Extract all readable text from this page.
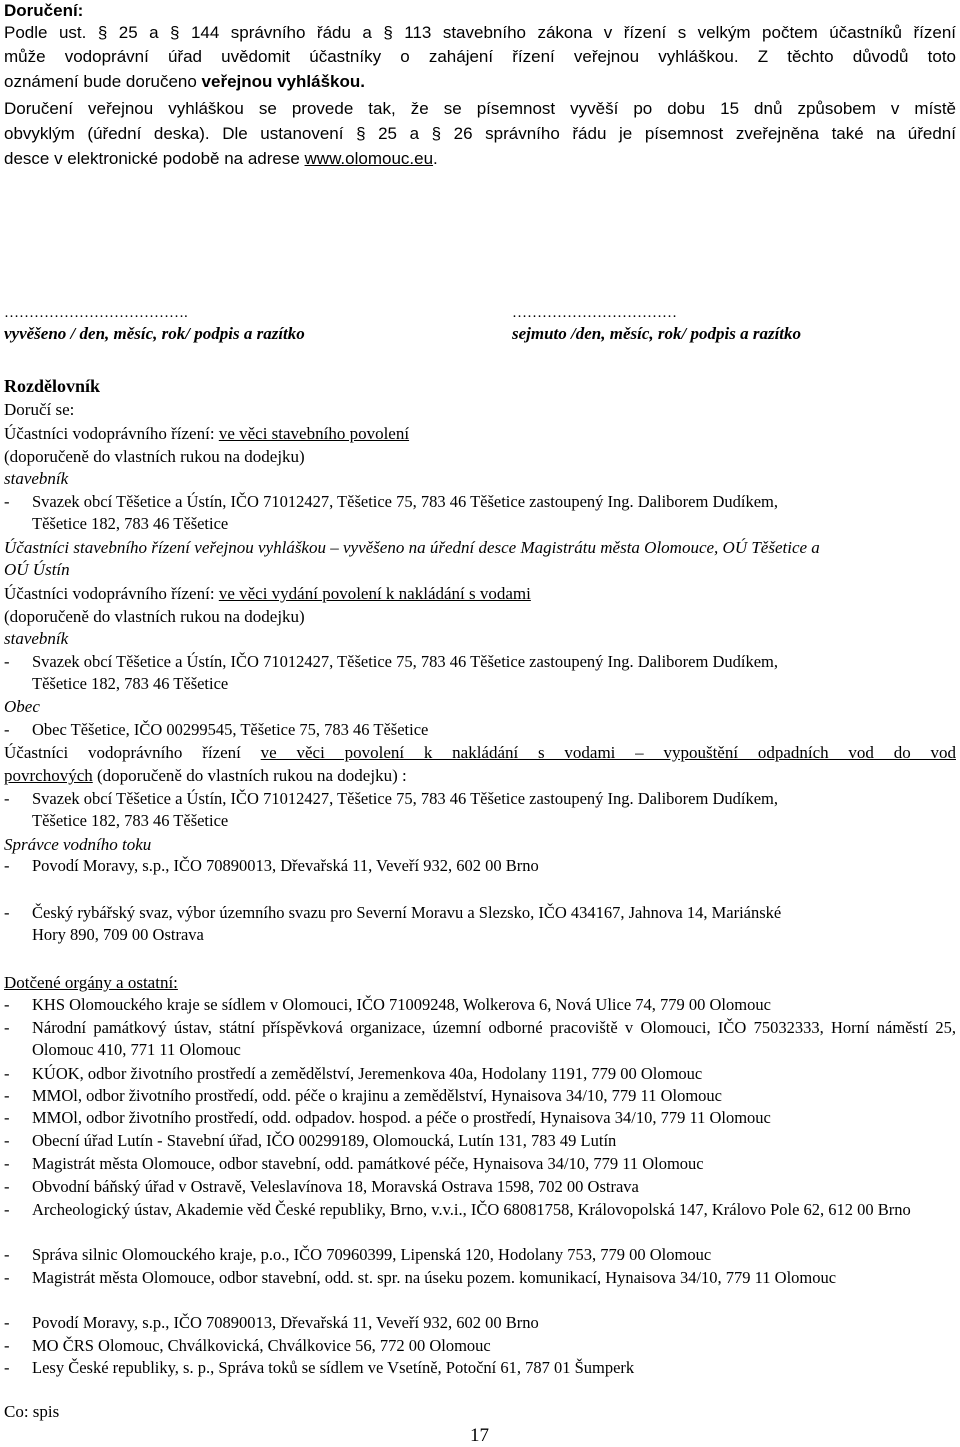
Doručení:
Podle ust. § 25 a § 144 správního řádu a § 113 stavebního zákona v řízení s velkým počtem účastníků řízení
může vodoprávní úřad uvědomit účastníky o zahájení řízení veřejnou vyhláškou. Z těchto důvodů toto
oznámení bude doručeno veřejnou vyhláškou.
Doručení veřejnou vyhláškou se provede tak, že se písemnost vyvěší po dobu 15 dnů způsobem v místě
obvyklým (úřední deska). Dle ustanovení § 25 a § 26 správního řádu je písemnost zveřejněna také na úřední
desce v elektronické podobě na adrese www.olomouc.eu.
……………………………….	……………………………
vyvěšeno / den, měsíc, rok/ podpis a razítko	sejmuto /den, měsíc, rok/ podpis a razítko
Rozdělovník
Doručí se:
Účastníci vodoprávního řízení: ve věci stavebního povolení
(doporučeně do vlastních rukou na dodejku)
stavebník
- Svazek obcí Těšetice a Ústín, IČO 71012427, Těšetice 75, 783 46 Těšetice zastoupený Ing. Daliborem Dudíkem,
Těšetice 182, 783 46 Těšetice
Účastníci stavebního řízení veřejnou vyhláškou – vyvěšeno na úřední desce Magistrátu města Olomouce, OÚ Těšetice a
OÚ Ústín
Účastníci vodoprávního řízení: ve věci vydání povolení k nakládání s vodami
(doporučeně do vlastních rukou na dodejku)
stavebník
- Svazek obcí Těšetice a Ústín, IČO 71012427, Těšetice 75, 783 46 Těšetice zastoupený Ing. Daliborem Dudíkem,
Těšetice 182, 783 46 Těšetice
Obec
- Obec Těšetice, IČO 00299545, Těšetice 75, 783 46 Těšetice
Účastníci vodoprávního řízení ve věci povolení k nakládání s vodami – vypouštění odpadních vod do vod
povrchových (doporučeně do vlastních rukou na dodejku) :
- Svazek obcí Těšetice a Ústín, IČO 71012427, Těšetice 75, 783 46 Těšetice zastoupený Ing. Daliborem Dudíkem,
Těšetice 182, 783 46 Těšetice
Správce vodního toku
- Povodí Moravy, s.p., IČO 70890013, Dřevařská 11, Veveří 932, 602 00 Brno
- Český rybářský svaz, výbor územního svazu pro Severní Moravu a Slezsko, IČO 434167, Jahnova 14, Mariánské
Hory 890, 709 00 Ostrava
Dotčené orgány a ostatní:
- KHS Olomouckého kraje se sídlem v Olomouci, IČO 71009248, Wolkerova 6, Nová Ulice 74, 779 00 Olomouc
- Národní památkový ústav, státní příspěvková organizace, územní odborné pracoviště v Olomouci, IČO 75032333, Horní náměstí 25, Olomouc 410, 771 11 Olomouc
- KÚOK, odbor životního prostředí a zemědělství, Jeremenkova 40a, Hodolany 1191, 779 00 Olomouc
- MMOl, odbor životního prostředí, odd. péče o krajinu a zemědělství, Hynaisova 34/10, 779 11 Olomouc
- MMOl, odbor životního prostředí, odd. odpadov. hospod. a péče o prostředí, Hynaisova 34/10, 779 11 Olomouc
- Obecní úřad Lutín - Stavební úřad, IČO 00299189, Olomoucká, Lutín 131, 783 49 Lutín
- Magistrát města Olomouce, odbor stavební, odd. památkové péče, Hynaisova 34/10, 779 11 Olomouc
- Obvodní báňský úřad v Ostravě, Veleslavínova 18, Moravská Ostrava 1598, 702 00 Ostrava
- Archeologický ústav, Akademie věd České republiky, Brno, v.v.i., IČO 68081758, Královopolská 147, Královo Pole 62, 612 00 Brno
- Správa silnic Olomouckého kraje, p.o., IČO 70960399, Lipenská 120, Hodolany 753, 779 00 Olomouc
- Magistrát města Olomouce, odbor stavební, odd. st. spr. na úseku pozem. komunikací, Hynaisova 34/10, 779 11 Olomouc
- Povodí Moravy, s.p., IČO 70890013, Dřevařská 11, Veveří 932, 602 00 Brno
- MO ČRS Olomouc, Chválkovická, Chválkovice 56, 772 00 Olomouc
- Lesy České republiky, s. p., Správa toků se sídlem ve Vsetíně, Potoční 61, 787 01 Šumperk
Co: spis
17
